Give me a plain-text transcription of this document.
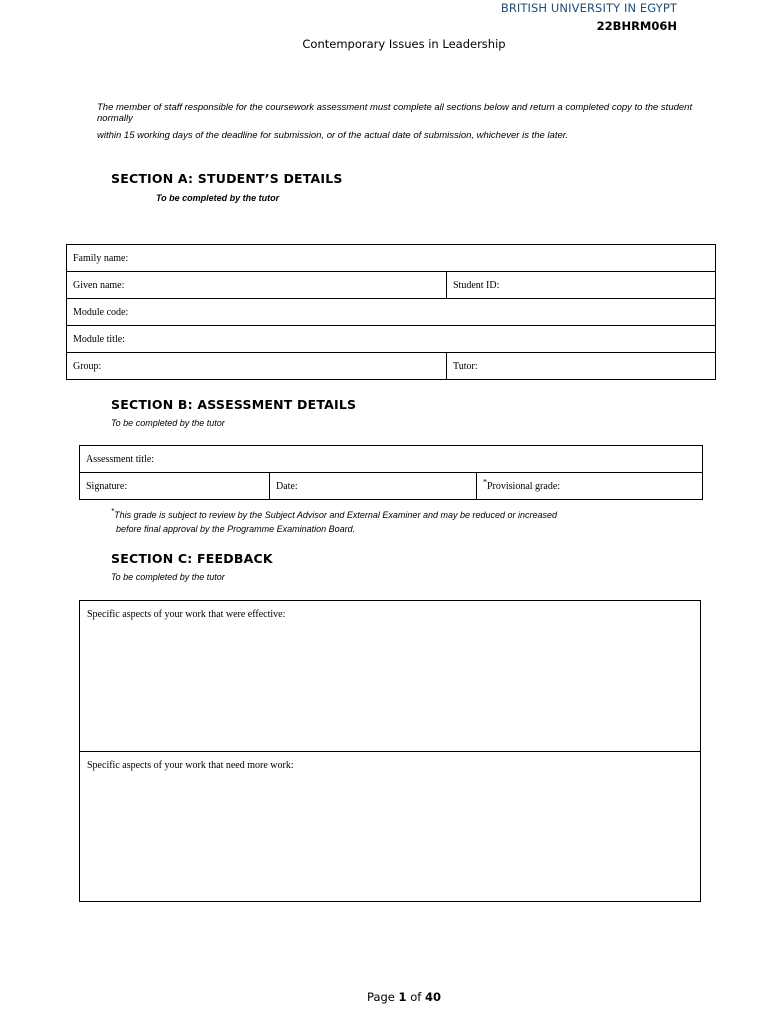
BRITISH UNIVERSITY IN EGYPT
22BHRM06H
Contemporary Issues in Leadership
The member of staff responsible for the coursework assessment must complete all sections below and return a completed copy to the student normally
within 15 working days of the deadline for submission, or of the actual date of submission, whichever is the later.
SECTION A: STUDENT’S DETAILS
To be completed by the tutor
Family name:	
Given name:	Student ID:
Module code:	
Module title:	
Group:	Tutor:
SECTION B: ASSESSMENT DETAILS
To be completed by the tutor
Assessment title:
Signature:	Date:	*Provisional grade:
*This grade is subject to review by the Subject Advisor and External Examiner and may be reduced or increased
before final approval by the Programme Examination Board.
SECTION C: FEEDBACK
To be completed by the tutor
Specific aspects of your work that were effective:
Specific aspects of your work that need more work:
Page 1 of 40
